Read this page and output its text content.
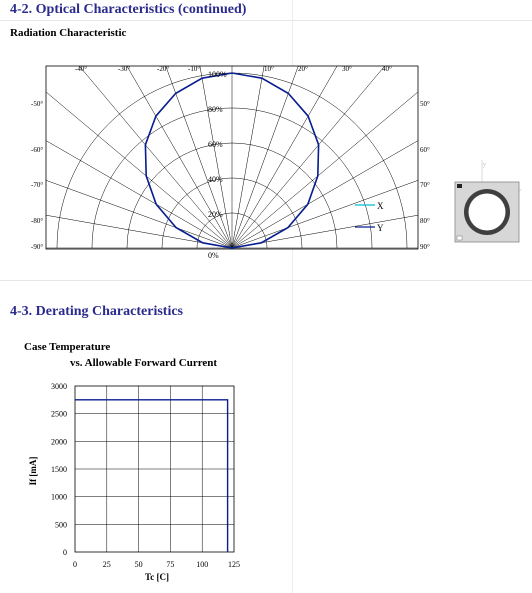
4-2. Optical Characteristics (continued)
Radiation Characteristic
0%
20%
40%
60%
80%
100%
-40°	-30°	-20°	-10°	10°	20°	30°	40°
-50°
-60°
-70°
-80°
-90°
50°
60°
70°
80°
90°
X
Y
y
4-3. Derating Characteristics
Case Temperature
vs. Allowable Forward Current
0	25	50	75	100 125
0
500
1000
1500
2000
2500
3000
Tc [C]
If [mA]
